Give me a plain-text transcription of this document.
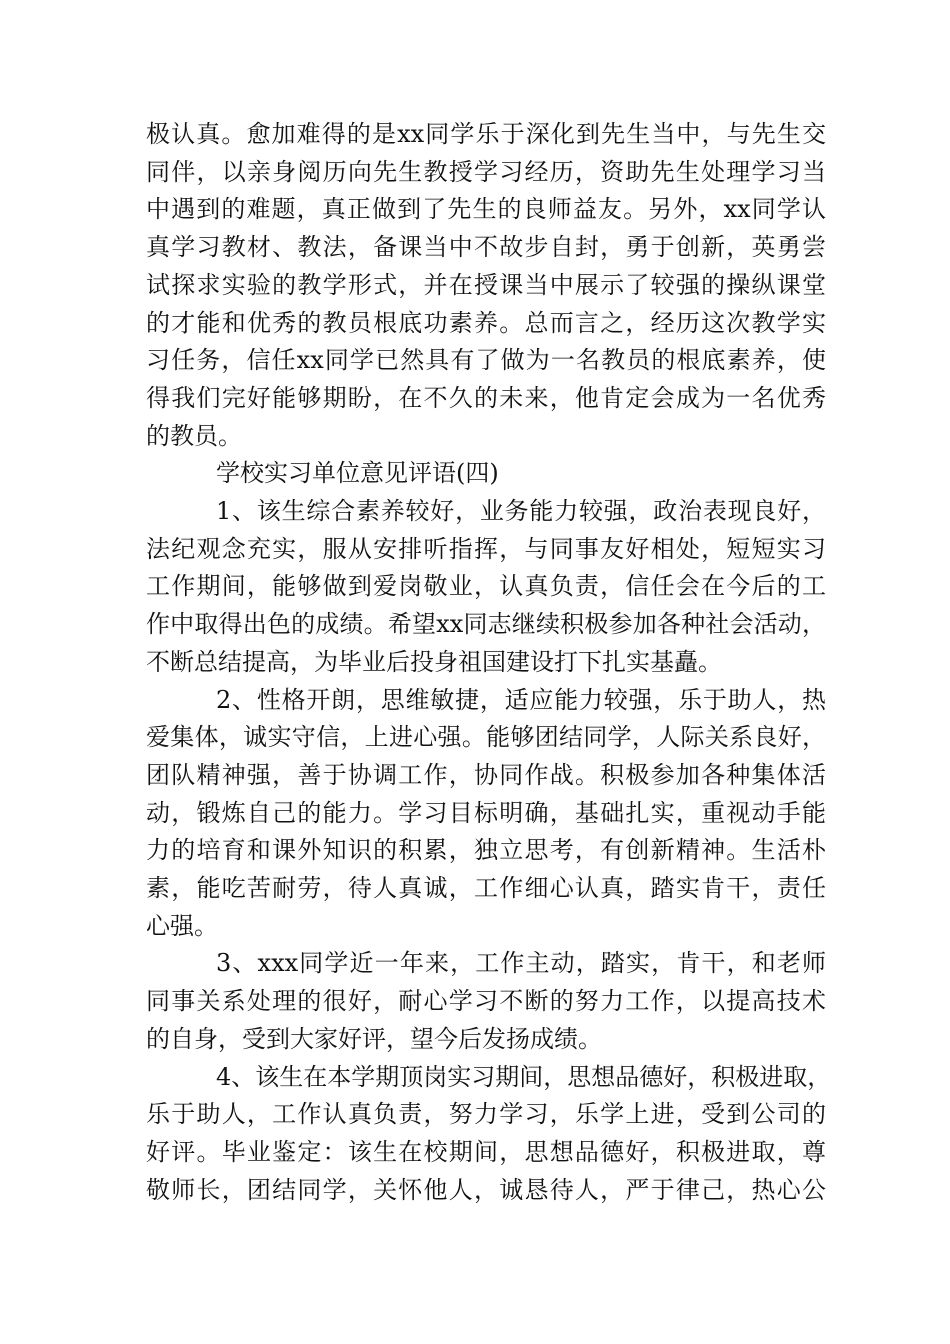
极认真。愈加难得的是xx同学乐于深化到先生当中，与先生交
同伴，以亲身阅历向先生教授学习经历，资助先生处理学习当
中遇到的难题，真正做到了先生的良师益友。另外，xx同学认
真学习教材、教法，备课当中不故步自封，勇于创新，英勇尝
试探求实验的教学形式，并在授课当中展示了较强的操纵课堂
的才能和优秀的教员根底功素养。总而言之，经历这次教学实
习任务，信任xx同学已然具有了做为一名教员的根底素养，使
得我们完好能够期盼，在不久的未来，他肯定会成为一名优秀
的教员。

学校实习单位意见评语(四)

1、该生综合素养较好，业务能力较强，政治表现良好，
法纪观念充实，服从安排听指挥，与同事友好相处，短短实习
工作期间，能够做到爱岗敬业，认真负责，信任会在今后的工
作中取得出色的成绩。希望xx同志继续积极参加各种社会活动，
不断总结提高，为毕业后投身祖国建设打下扎实基矗。

2、性格开朗，思维敏捷，适应能力较强，乐于助人，热
爱集体，诚实守信，上进心强。能够团结同学，人际关系良好，
团队精神强，善于协调工作，协同作战。积极参加各种集体活
动，锻炼自己的能力。学习目标明确，基础扎实，重视动手能
力的培育和课外知识的积累，独立思考，有创新精神。生活朴
素，能吃苦耐劳，待人真诚，工作细心认真，踏实肯干，责任
心强。

3、xxx同学近一年来，工作主动，踏实，肯干，和老师
同事关系处理的很好，耐心学习不断的努力工作，以提高技术
的自身，受到大家好评，望今后发扬成绩。

4、该生在本学期顶岗实习期间，思想品德好，积极进取，
乐于助人，工作认真负责，努力学习，乐学上进，受到公司的
好评。毕业鉴定：该生在校期间，思想品德好，积极进取，尊
敬师长，团结同学，关怀他人，诚恳待人，严于律己，热心公
